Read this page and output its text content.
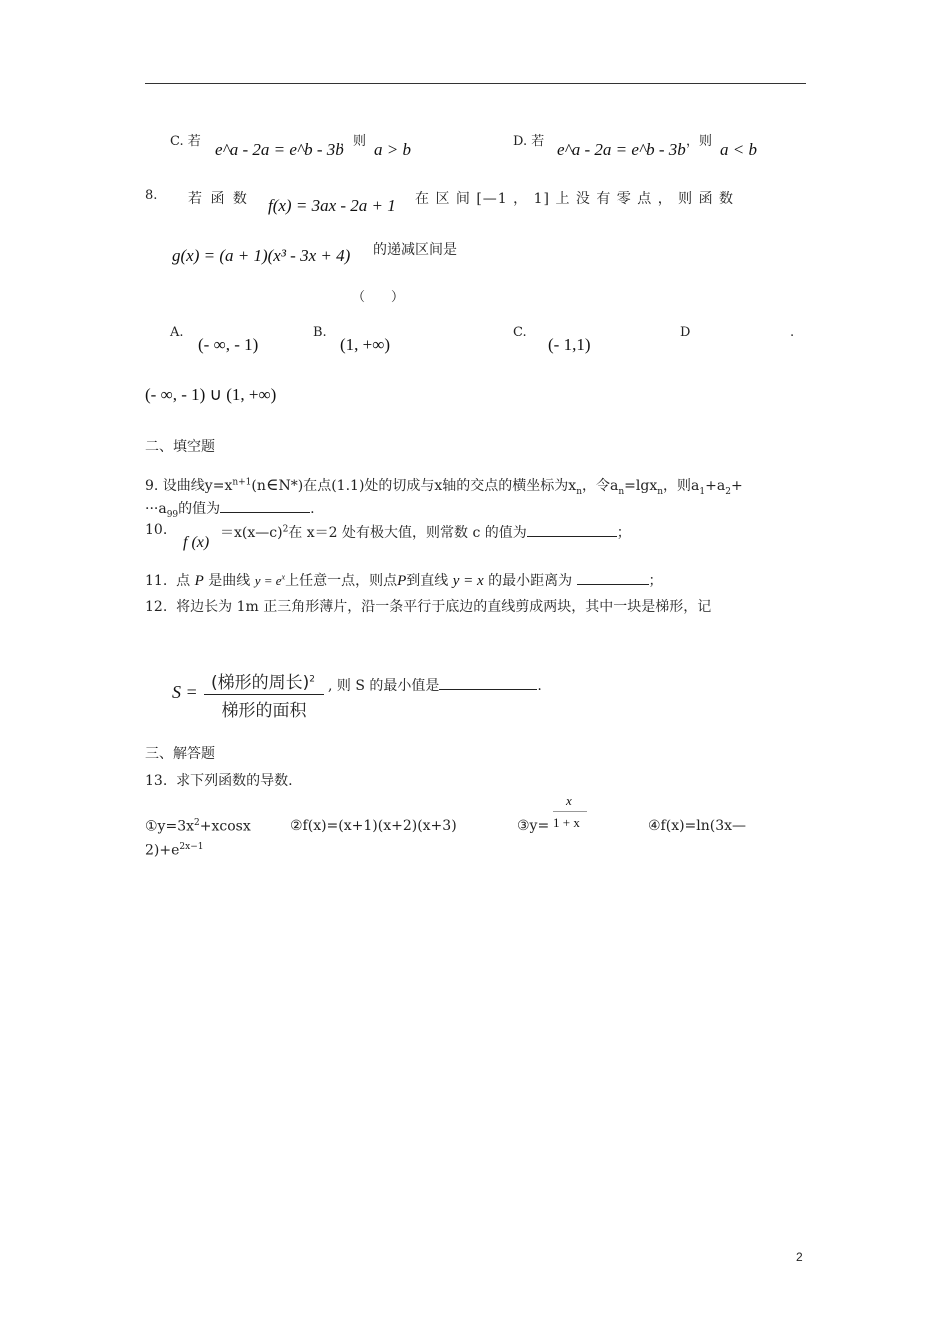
C. 若 e^a - 2a = e^b - 3b
，则 a > b	D. 若 e^a - 2a = e^b - 3b ，则 a < b
8. 若 函 数 f(x) = 3ax - 2a + 1 在 区 间 [—1 ， 1] 上 没 有 零 点 ， 则 函 数
g(x) = (a + 1)(x³ - 3x + 4) 的递减区间是
（　　）
A.
(- ∞, - 1)
B.
(1, +∞)
C.
(- 1,1)
D	.
(- ∞, - 1) ∪ (1, +∞)
二、填空题
9. 设曲线$y=x^{n+1}(n\in N*)$在点(1.1)处的切成与x轴的交点的横坐标为$x_n$，令$a_n=\lg x_n$，则$a_1+a_2+$
$\cdot\cdot\cdot a_{99}$的值为	.
10.
f (x)
＝x(x—c)$^2$在 x＝2 处有极大值，则常数 c 的值为	；
11. 点 P 是曲线 $y = e^x$上任意一点，则点P到直线 y = x 的最小距离为	；
12. 将边长为 1m 正三角形薄片，沿一条平行于底边的直线剪成两块，其中一块是梯形，记
S = (梯形的周长)$^2$
梯形的面积
, 则 S 的最小值是	.
三、解答题
13. 求下列函数的导数.
$①y=3x^2+xcosx$	②f(x)=(x+1)(x+2)(x+3)	③y=
x
1 + x	④f(x)=ln(3x—
$2)+e^{2x-1}$
2
